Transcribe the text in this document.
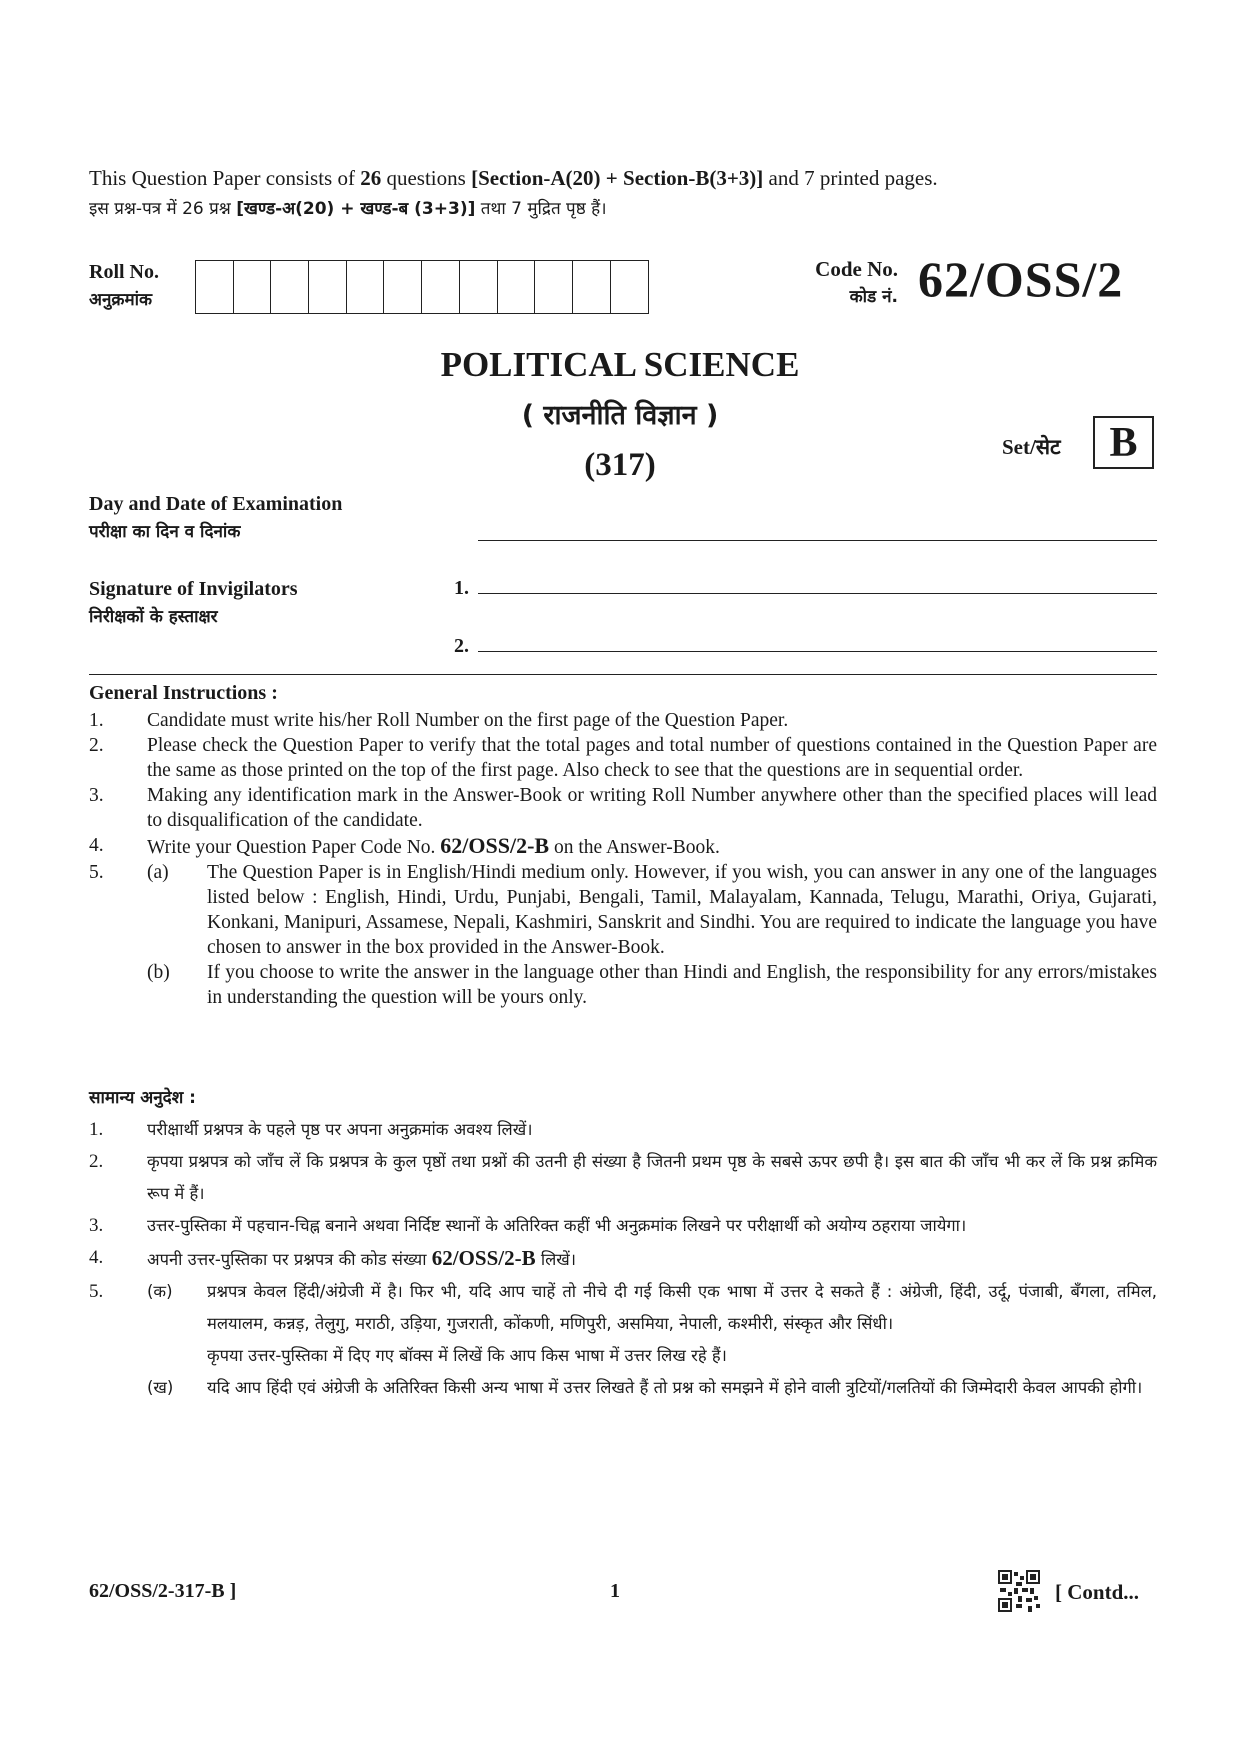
This Question Paper consists of 26 questions [Section-A(20) + Section-B(3+3)] and 7 printed pages.
इस प्रश्न-पत्र में 26 प्रश्न [खण्ड-अ(20) + खण्ड-ब (3+3)] तथा 7 मुद्रित पृष्ठ हैं।
Roll No.
अनुक्रमांक
Code No.
कोड नं. 62/OSS/2
POLITICAL SCIENCE
( राजनीति विज्ञान )
(317)	Set/सेट	B
Day and Date of Examination
परीक्षा का दिन व दिनांक
Signature of Invigilators
निरीक्षकों के हस्ताक्षर
1.
2.
General Instructions :
1.	Candidate must write his/her Roll Number on the first page of the Question Paper.
2.	Please check the Question Paper to verify that the total pages and total number of questions contained in the Question Paper are the same as those printed on the top of the first page. Also check to see that the questions are in sequential order.
3.	Making any identification mark in the Answer-Book or writing Roll Number anywhere other than the specified places will lead to disqualification of the candidate.
4.	Write your Question Paper Code No. 62/OSS/2-B on the Answer-Book.
5.	(a)	The Question Paper is in English/Hindi medium only. However, if you wish, you can answer in any one of the languages listed below : English, Hindi, Urdu, Punjabi, Bengali, Tamil, Malayalam, Kannada, Telugu, Marathi, Oriya, Gujarati, Konkani, Manipuri, Assamese, Nepali, Kashmiri, Sanskrit and Sindhi. You are required to indicate the language you have chosen to answer in the box provided in the Answer-Book.
(b)	If you choose to write the answer in the language other than Hindi and English, the responsibility for any errors/mistakes in understanding the question will be yours only.
सामान्य अनुदेश :
1.	परीक्षार्थी प्रश्नपत्र के पहले पृष्ठ पर अपना अनुक्रमांक अवश्य लिखें।
2.	कृपया प्रश्नपत्र को जाँच लें कि प्रश्नपत्र के कुल पृष्ठों तथा प्रश्नों की उतनी ही संख्या है जितनी प्रथम पृष्ठ के सबसे ऊपर छपी है। इस बात की जाँच भी कर लें कि प्रश्न क्रमिक रूप में हैं।
3.	उत्तर-पुस्तिका में पहचान-चिह्न बनाने अथवा निर्दिष्ट स्थानों के अतिरिक्त कहीं भी अनुक्रमांक लिखने पर परीक्षार्थी को अयोग्य ठहराया जायेगा।
4.	अपनी उत्तर-पुस्तिका पर प्रश्नपत्र की कोड संख्या 62/OSS/2-B लिखें।
5.	(क)	प्रश्नपत्र केवल हिंदी/अंग्रेजी में है। फिर भी, यदि आप चाहें तो नीचे दी गई किसी एक भाषा में उत्तर दे सकते हैं : अंग्रेजी, हिंदी, उर्दू, पंजाबी, बँगला, तमिल, मलयालम, कन्नड़, तेलुगु, मराठी, उड़िया, गुजराती, कोंकणी, मणिपुरी, असमिया, नेपाली, कश्मीरी, संस्कृत और सिंधी।
कृपया उत्तर-पुस्तिका में दिए गए बॉक्स में लिखें कि आप किस भाषा में उत्तर लिख रहे हैं।
(ख)	यदि आप हिंदी एवं अंग्रेजी के अतिरिक्त किसी अन्य भाषा में उत्तर लिखते हैं तो प्रश्न को समझने में होने वाली त्रुटियों/गलतियों की जिम्मेदारी केवल आपकी होगी।
62/OSS/2-317-B ]	1	[ Contd...
